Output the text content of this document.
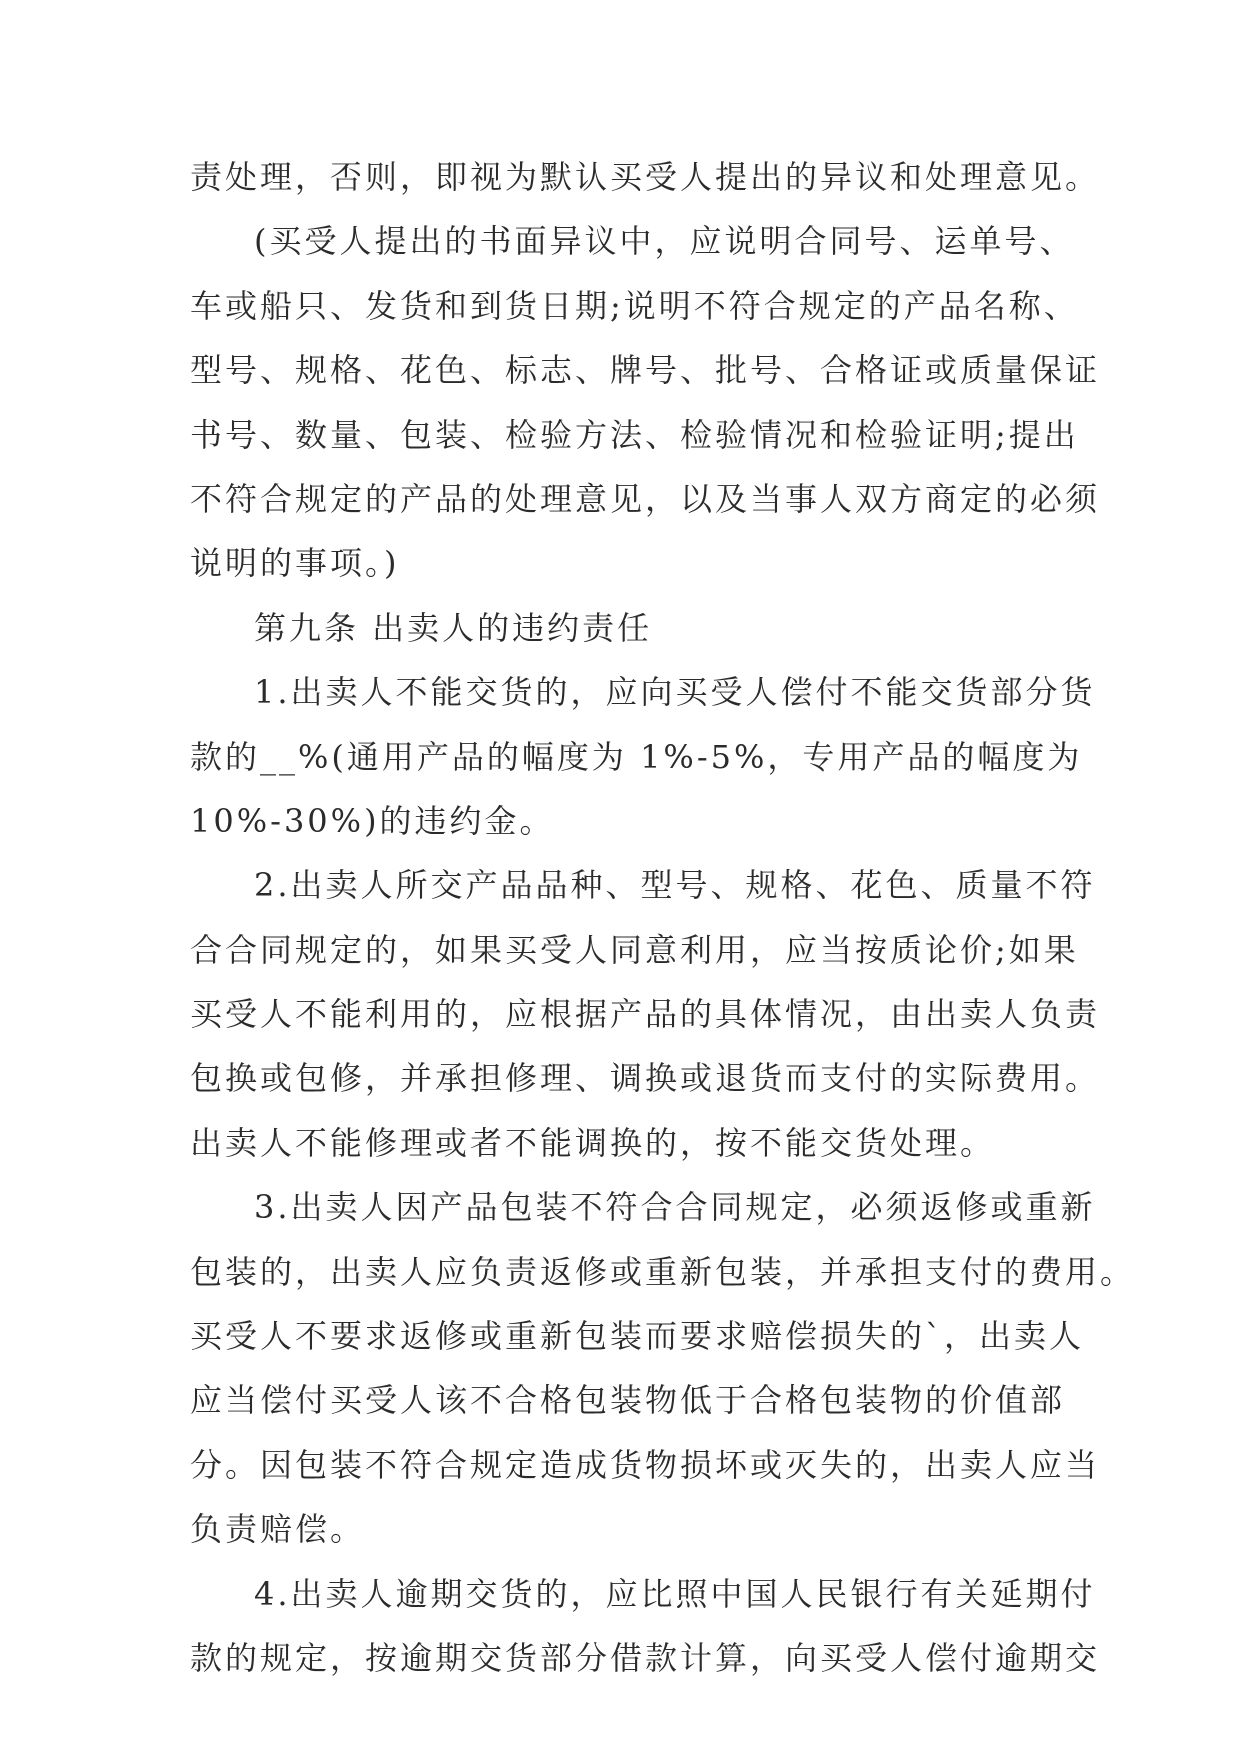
责处理，否则，即视为默认买受人提出的异议和处理意见。
(买受人提出的书面异议中，应说明合同号、运单号、
车或船只、发货和到货日期;说明不符合规定的产品名称、
型号、规格、花色、标志、牌号、批号、合格证或质量保证
书号、数量、包装、检验方法、检验情况和检验证明;提出
不符合规定的产品的处理意见，以及当事人双方商定的必须
说明的事项。)
第九条 出卖人的违约责任
1.出卖人不能交货的，应向买受人偿付不能交货部分货
款的__%(通用产品的幅度为 1%-5%，专用产品的幅度为
10%-30%)的违约金。
2.出卖人所交产品品种、型号、规格、花色、质量不符
合合同规定的，如果买受人同意利用，应当按质论价;如果
买受人不能利用的，应根据产品的具体情况，由出卖人负责
包换或包修，并承担修理、调换或退货而支付的实际费用。
出卖人不能修理或者不能调换的，按不能交货处理。
3.出卖人因产品包装不符合合同规定，必须返修或重新
包装的，出卖人应负责返修或重新包装，并承担支付的费用。
买受人不要求返修或重新包装而要求赔偿损失的`，出卖人
应当偿付买受人该不合格包装物低于合格包装物的价值部
分。因包装不符合规定造成货物损坏或灭失的，出卖人应当
负责赔偿。
4.出卖人逾期交货的，应比照中国人民银行有关延期付
款的规定，按逾期交货部分借款计算，向买受人偿付逾期交
